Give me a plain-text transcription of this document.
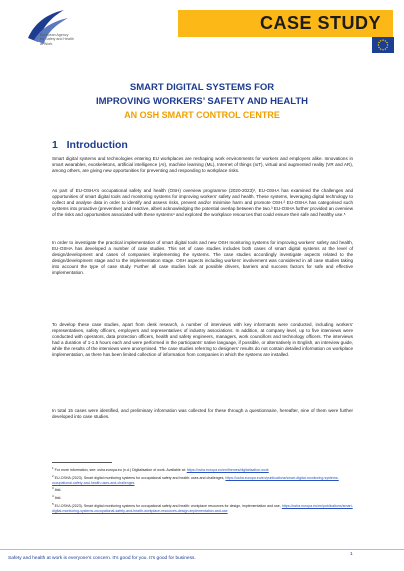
European Agency
for Safety and Health
at Work
CASE STUDY
SMART DIGITAL SYSTEMS FOR
IMPROVING WORKERS’ SAFETY AND HEALTH
AN OSH SMART CONTROL CENTRE
1 Introduction
Smart digital systems and technologies entering EU workplaces are reshaping work environments for workers and employers alike. Innovations in smart wearables, exoskeletons, artificial intelligence (AI), machine learning (ML), Internet of things (IoT), virtual and augmented reality (VR and AR), among others, are giving new opportunities for preventing and responding to workplace risks.
As part of EU-OSHA’s occupational safety and health (OSH) overview programme (2020-2023)¹, EU-OSHA has examined the challenges and opportunities of smart digital tools and monitoring systems for improving workers’ safety and health. These systems, leveraging digital technology to collect and analyse data in order to identify and assess risks, prevent and/or minimise harm and promote OSH.² EU-OSHA has categorised such systems into proactive (preventive) and reactive, albeit acknowledging the potential overlap between the two.³ EU-OSHA further provided an overview of the risks and opportunities associated with these systems⁴ and explored the workplace resources that could ensure their safe and healthy use.⁵
In order to investigate the practical implementation of smart digital tools and new OSH monitoring systems for improving workers’ safety and health, EU-OSHA has developed a number of case studies. This set of case studies includes both cases of smart digital systems at the level of design/development and cases of companies implementing the systems. The case studies accordingly investigate aspects related to the design/development stage and to the implementation stage. OSH aspects including workers’ involvement was considered in all case studies taking into account the type of case study. Further all case studies look at possible drivers, barriers and success factors for safe and effective implementation.
To develop these case studies, apart from desk research, a number of interviews with key informants were conducted, including workers’ representatives, safety officers, employers and representatives of industry associations. In addition, at company level, up to five interviews were conducted with operators, data protection officers, health and safety engineers, managers, work councillors and technology officers. The interviews had a duration of 1-1.5 hours each and were performed in the participants’ native language, if possible, or alternatively in English, an interview guide, while the results of the interviews were anonymised. The case studies referring to designers’ results do not contain detailed information on workplace implementation, as there has been limited collection of information from companies in which the systems are installed.
In total 15 cases were identified, and preliminary information was collected for these through a questionnaire, hereafter, nine of them were further developed into case studies.
$^1$ For more information, see: osha.europa.eu (n.d.) Digitalisation of work. Available at: https://osha.europa.eu/en/themes/digitalisation-work
$^2$ EU-OSHA (2023). Smart digital monitoring systems for occupational safety and health: uses and challenges, https://osha.europa.eu/en/publications/smart-digital-monitoring-systems-occupational-safety-and-health-uses-and-challenges
$^3$ Ibid.
$^4$ Ibid.
$^5$ EU-OSHA (2023). Smart digital monitoring systems for occupational safety and health: workplace resources for design, implementation and use, https://osha.europa.eu/en/publications/smart-digital-monitoring-systems-occupational-safety-and-health-workplace-resources-design-implementation-and-use
Safety and health at work is everyone’s concern. It’s good for you. It’s good for business.
1
